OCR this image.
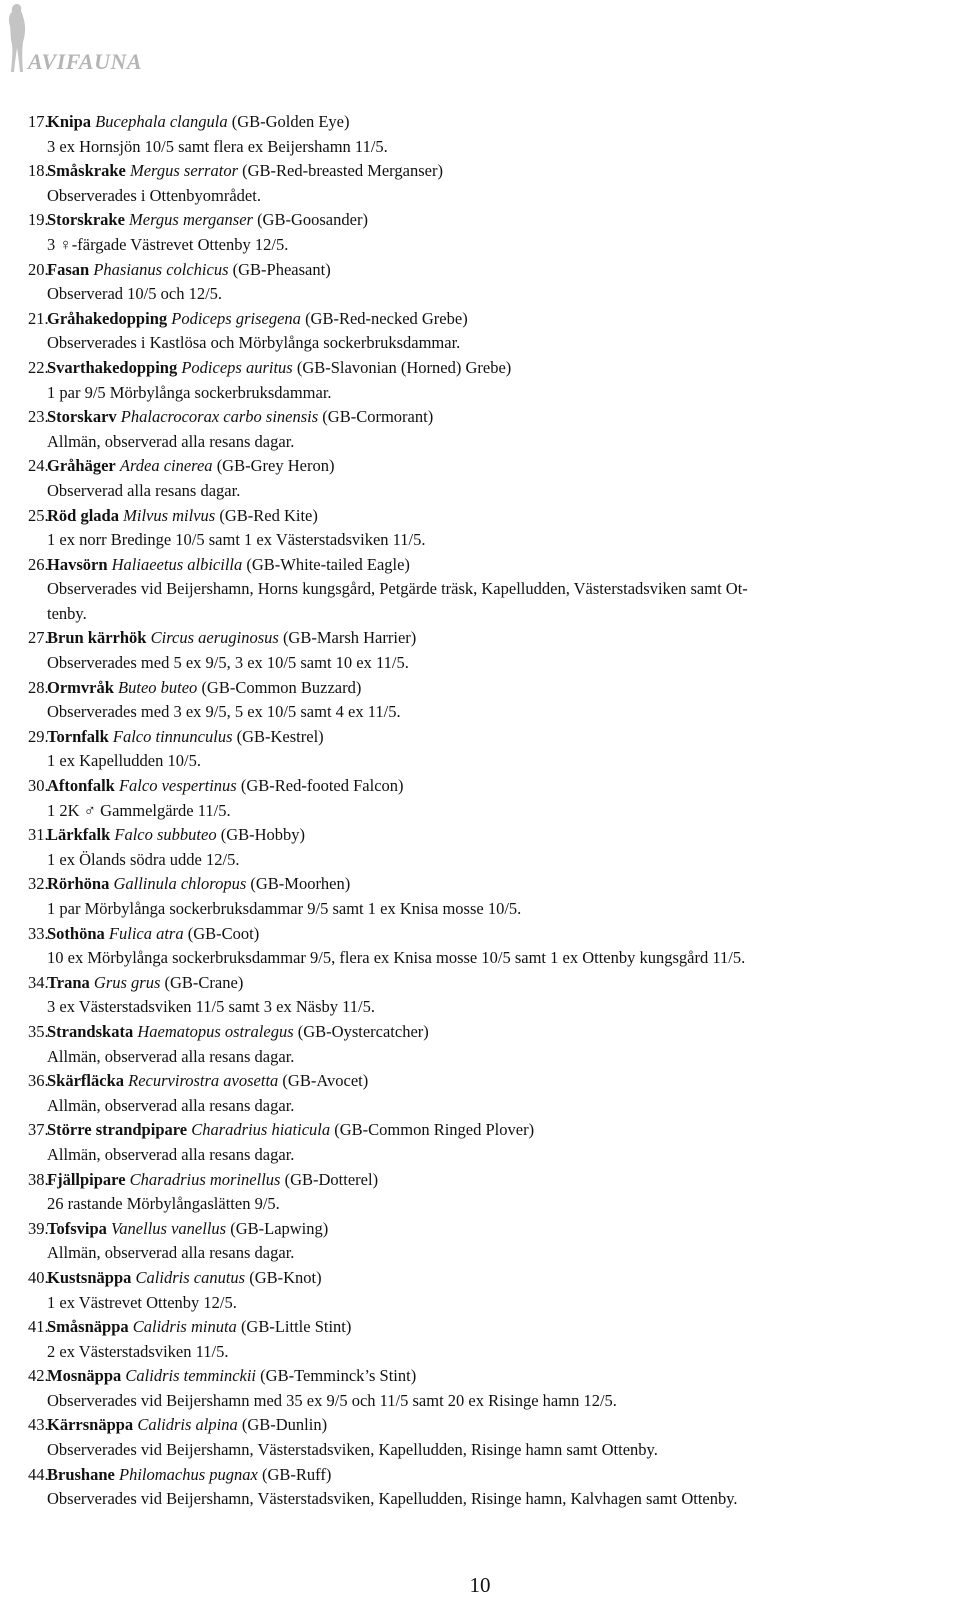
AVIFAUNA
17.
Knipa Bucephala clangula (GB-Golden Eye)
3 ex Hornsjön 10/5 samt flera ex Beijershamn 11/5.
18.
Småskrake Mergus serrator (GB-Red-breasted Merganser)
Observerades i Ottenbyområdet.
19.
Storskrake Mergus merganser (GB-Goosander)
3 ♀-färgade Västrevet Ottenby 12/5.
20.
Fasan Phasianus colchicus (GB-Pheasant)
Observerad 10/5 och 12/5.
21.
Gråhakedopping Podiceps grisegena (GB-Red-necked Grebe)
Observerades i Kastlösa och Mörbylånga sockerbruksdammar.
22.
Svarthakedopping Podiceps auritus (GB-Slavonian (Horned) Grebe)
1 par 9/5 Mörbylånga sockerbruksdammar.
23.
Storskarv Phalacrocorax carbo sinensis (GB-Cormorant)
Allmän, observerad alla resans dagar.
24.
Gråhäger Ardea cinerea (GB-Grey Heron)
Observerad alla resans dagar.
25.
Röd glada Milvus milvus (GB-Red Kite)
1 ex norr Bredinge 10/5 samt 1 ex Västerstadsviken 11/5.
26.
Havsörn Haliaeetus albicilla (GB-White-tailed Eagle)
Observerades vid Beijershamn, Horns kungsgård, Petgärde träsk, Kapelludden, Västerstadsviken samt Ot-
tenby.
27.
Brun kärrhök Circus aeruginosus (GB-Marsh Harrier)
Observerades med 5 ex 9/5, 3 ex 10/5 samt 10 ex 11/5.
28.
Ormvråk Buteo buteo (GB-Common Buzzard)
Observerades med 3 ex 9/5, 5 ex 10/5 samt 4 ex 11/5.
29.
Tornfalk Falco tinnunculus (GB-Kestrel)
1 ex Kapelludden 10/5.
30.
Aftonfalk Falco vespertinus (GB-Red-footed Falcon)
1 2K ♂ Gammelgärde 11/5.
31.
Lärkfalk Falco subbuteo (GB-Hobby)
1 ex Ölands södra udde 12/5.
32.
Rörhöna Gallinula chloropus (GB-Moorhen)
1 par Mörbylånga sockerbruksdammar 9/5 samt 1 ex Knisa mosse 10/5.
33.
Sothöna Fulica atra (GB-Coot)
10 ex Mörbylånga sockerbruksdammar 9/5, flera ex Knisa mosse 10/5 samt 1 ex Ottenby kungsgård 11/5.
34.
Trana Grus grus (GB-Crane)
3 ex Västerstadsviken 11/5 samt 3 ex Näsby 11/5.
35.
Strandskata Haematopus ostralegus (GB-Oystercatcher)
Allmän, observerad alla resans dagar.
36.
Skärfläcka Recurvirostra avosetta (GB-Avocet)
Allmän, observerad alla resans dagar.
37.
Större strandpipare Charadrius hiaticula (GB-Common Ringed Plover)
Allmän, observerad alla resans dagar.
38.
Fjällpipare Charadrius morinellus (GB-Dotterel)
26 rastande Mörbylångaslätten 9/5.
39.
Tofsvipa Vanellus vanellus (GB-Lapwing)
Allmän, observerad alla resans dagar.
40.
Kustsnäppa Calidris canutus (GB-Knot)
1 ex Västrevet Ottenby 12/5.
41.
Småsnäppa Calidris minuta (GB-Little Stint)
2 ex Västerstadsviken 11/5.
42.
Mosnäppa Calidris temminckii (GB-Temminck’s Stint)
Observerades vid Beijershamn med 35 ex 9/5 och 11/5 samt 20 ex Risinge hamn 12/5.
43.
Kärrsnäppa Calidris alpina (GB-Dunlin)
Observerades vid Beijershamn, Västerstadsviken, Kapelludden, Risinge hamn samt Ottenby.
44.
Brushane Philomachus pugnax (GB-Ruff)
Observerades vid Beijershamn, Västerstadsviken, Kapelludden, Risinge hamn, Kalvhagen samt Ottenby.
10
